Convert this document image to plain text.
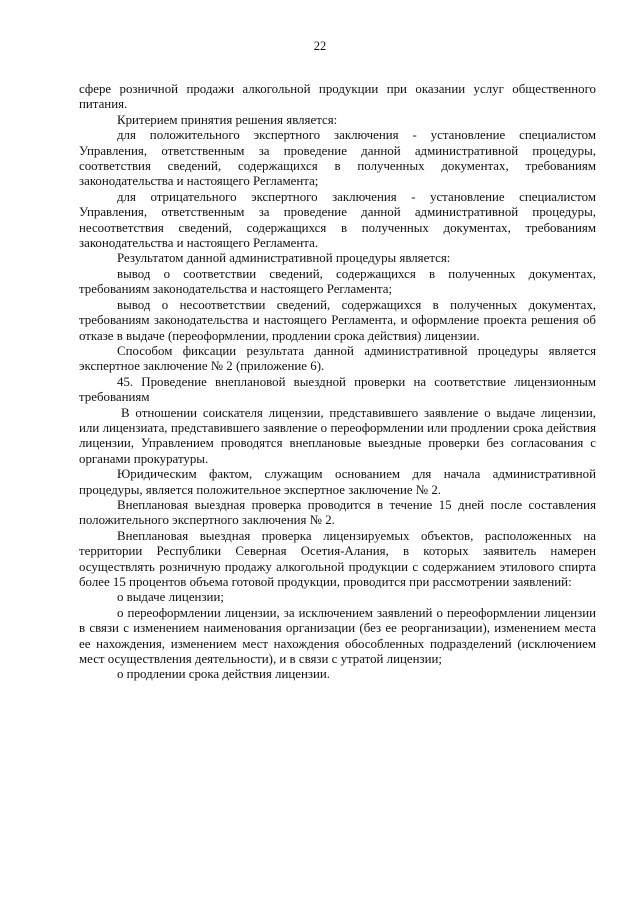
22

сфере розничной продажи алкогольной продукции при оказании услуг общественного питания.

Критерием принятия решения является:

для положительного экспертного заключения - установление специалистом Управления, ответственным за проведение данной административной процедуры, соответствия сведений, содержащихся в полученных документах, требованиям законодательства и настоящего Регламента;

для отрицательного экспертного заключения - установление специалистом Управления, ответственным за проведение данной административной процедуры, несоответствия сведений, содержащихся в полученных документах, требованиям законодательства и настоящего Регламента.

Результатом данной административной процедуры является:

вывод о соответствии сведений, содержащихся в полученных документах, требованиям законодательства и настоящего Регламента;

вывод о несоответствии сведений, содержащихся в полученных документах, требованиям законодательства и настоящего Регламента, и оформление проекта решения об отказе в выдаче (переоформлении, продлении срока действия) лицензии.

Способом фиксации результата данной административной процедуры является экспертное заключение № 2 (приложение 6).

45. Проведение внеплановой выездной проверки на соответствие лицензионным требованиям

В отношении соискателя лицензии, представившего заявление о выдаче лицензии, или лицензиата, представившего заявление о переоформлении или продлении срока действия лицензии, Управлением проводятся внеплановые выездные проверки без согласования с органами прокуратуры.

Юридическим фактом, служащим основанием для начала административной процедуры, является положительное экспертное заключение № 2.

Внеплановая выездная проверка проводится в течение 15 дней после составления положительного экспертного заключения № 2.

Внеплановая выездная проверка лицензируемых объектов, расположенных на территории Республики Северная Осетия-Алания, в которых заявитель намерен осуществлять розничную продажу алкогольной продукции с содержанием этилового спирта более 15 процентов объема готовой продукции, проводится при рассмотрении заявлений:

о выдаче лицензии;

о переоформлении лицензии, за исключением заявлений о переоформлении лицензии в связи с изменением наименования организации (без ее реорганизации), изменением места ее нахождения, изменением мест нахождения обособленных подразделений (исключением мест осуществления деятельности), и в связи с утратой лицензии;

о продлении срока действия лицензии.
